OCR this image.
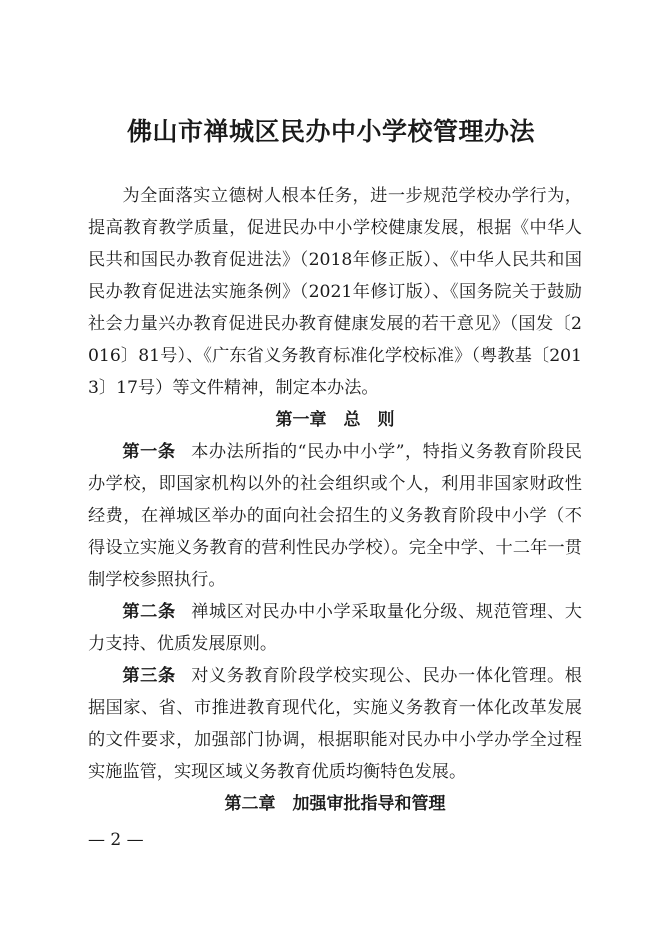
佛山市禅城区民办中小学校管理办法

为全面落实立德树人根本任务，进一步规范学校办学行为，提高教育教学质量，促进民办中小学校健康发展，根据《中华人民共和国民办教育促进法》（2018年修正版）、《中华人民共和国民办教育促进法实施条例》（2021年修订版）、《国务院关于鼓励社会力量兴办教育促进民办教育健康发展的若干意见》（国发〔2016〕81号）、《广东省义务教育标准化学校标准》（粤教基〔2013〕17号）等文件精神，制定本办法。

第一章　总　则

第一条 本办法所指的“民办中小学”，特指义务教育阶段民办学校，即国家机构以外的社会组织或个人，利用非国家财政性经费，在禅城区举办的面向社会招生的义务教育阶段中小学（不得设立实施义务教育的营利性民办学校）。完全中学、十二年一贯制学校参照执行。

第二条 禅城区对民办中小学采取量化分级、规范管理、大力支持、优质发展原则。

第三条 对义务教育阶段学校实现公、民办一体化管理。根据国家、省、市推进教育现代化，实施义务教育一体化改革发展的文件要求，加强部门协调，根据职能对民办中小学办学全过程实施监管，实现区域义务教育优质均衡特色发展。

第二章　加强审批指导和管理

— 2 —
